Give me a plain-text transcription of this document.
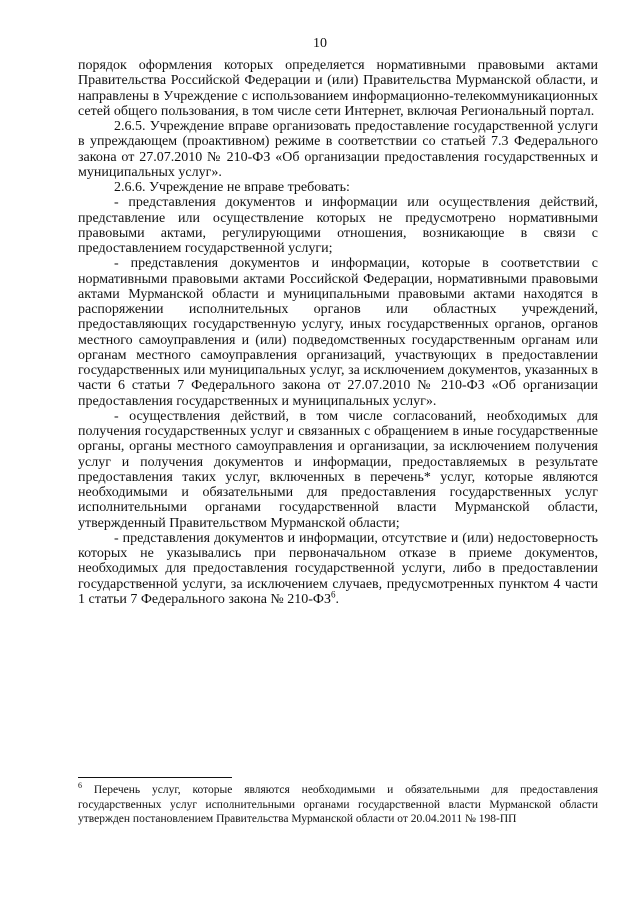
10

порядок оформления которых определяется нормативными правовыми актами Правительства Российской Федерации и (или) Правительства Мурманской области, и направлены в Учреждение с использованием информационно-телекоммуникационных сетей общего пользования, в том числе сети Интернет, включая Региональный портал.

2.6.5. Учреждение вправе организовать предоставление государственной услуги в упреждающем (проактивном) режиме в соответствии со статьей 7.3 Федерального закона от 27.07.2010 № 210-ФЗ «Об организации предоставления государственных и муниципальных услуг».

2.6.6. Учреждение не вправе требовать:

- представления документов и информации или осуществления действий, представление или осуществление которых не предусмотрено нормативными правовыми актами, регулирующими отношения, возникающие в связи с предоставлением государственной услуги;

- представления документов и информации, которые в соответствии с нормативными правовыми актами Российской Федерации, нормативными правовыми актами Мурманской области и муниципальными правовыми актами находятся в распоряжении исполнительных органов или областных учреждений, предоставляющих государственную услугу, иных государственных органов, органов местного самоуправления и (или) подведомственных государственным органам или органам местного самоуправления организаций, участвующих в предоставлении государственных или муниципальных услуг, за исключением документов, указанных в части 6 статьи 7 Федерального закона от 27.07.2010 № 210-ФЗ «Об организации предоставления государственных и муниципальных услуг».

- осуществления действий, в том числе согласований, необходимых для получения государственных услуг и связанных с обращением в иные государственные органы, органы местного самоуправления и организации, за исключением получения услуг и получения документов и информации, предоставляемых в результате предоставления таких услуг, включенных в перечень* услуг, которые являются необходимыми и обязательными для предоставления государственных услуг исполнительными органами государственной власти Мурманской области, утвержденный Правительством Мурманской области;

- представления документов и информации, отсутствие и (или) недостоверность которых не указывались при первоначальном отказе в приеме документов, необходимых для предоставления государственной услуги, либо в предоставлении государственной услуги, за исключением случаев, предусмотренных пунктом 4 части 1 статьи 7 Федерального закона № $210-ФЗ^6$.

$^6$ Перечень услуг, которые являются необходимыми и обязательными для предоставления государственных услуг исполнительными органами государственной власти Мурманской области утвержден постановлением Правительства Мурманской области от 20.04.2011 № 198-ПП
